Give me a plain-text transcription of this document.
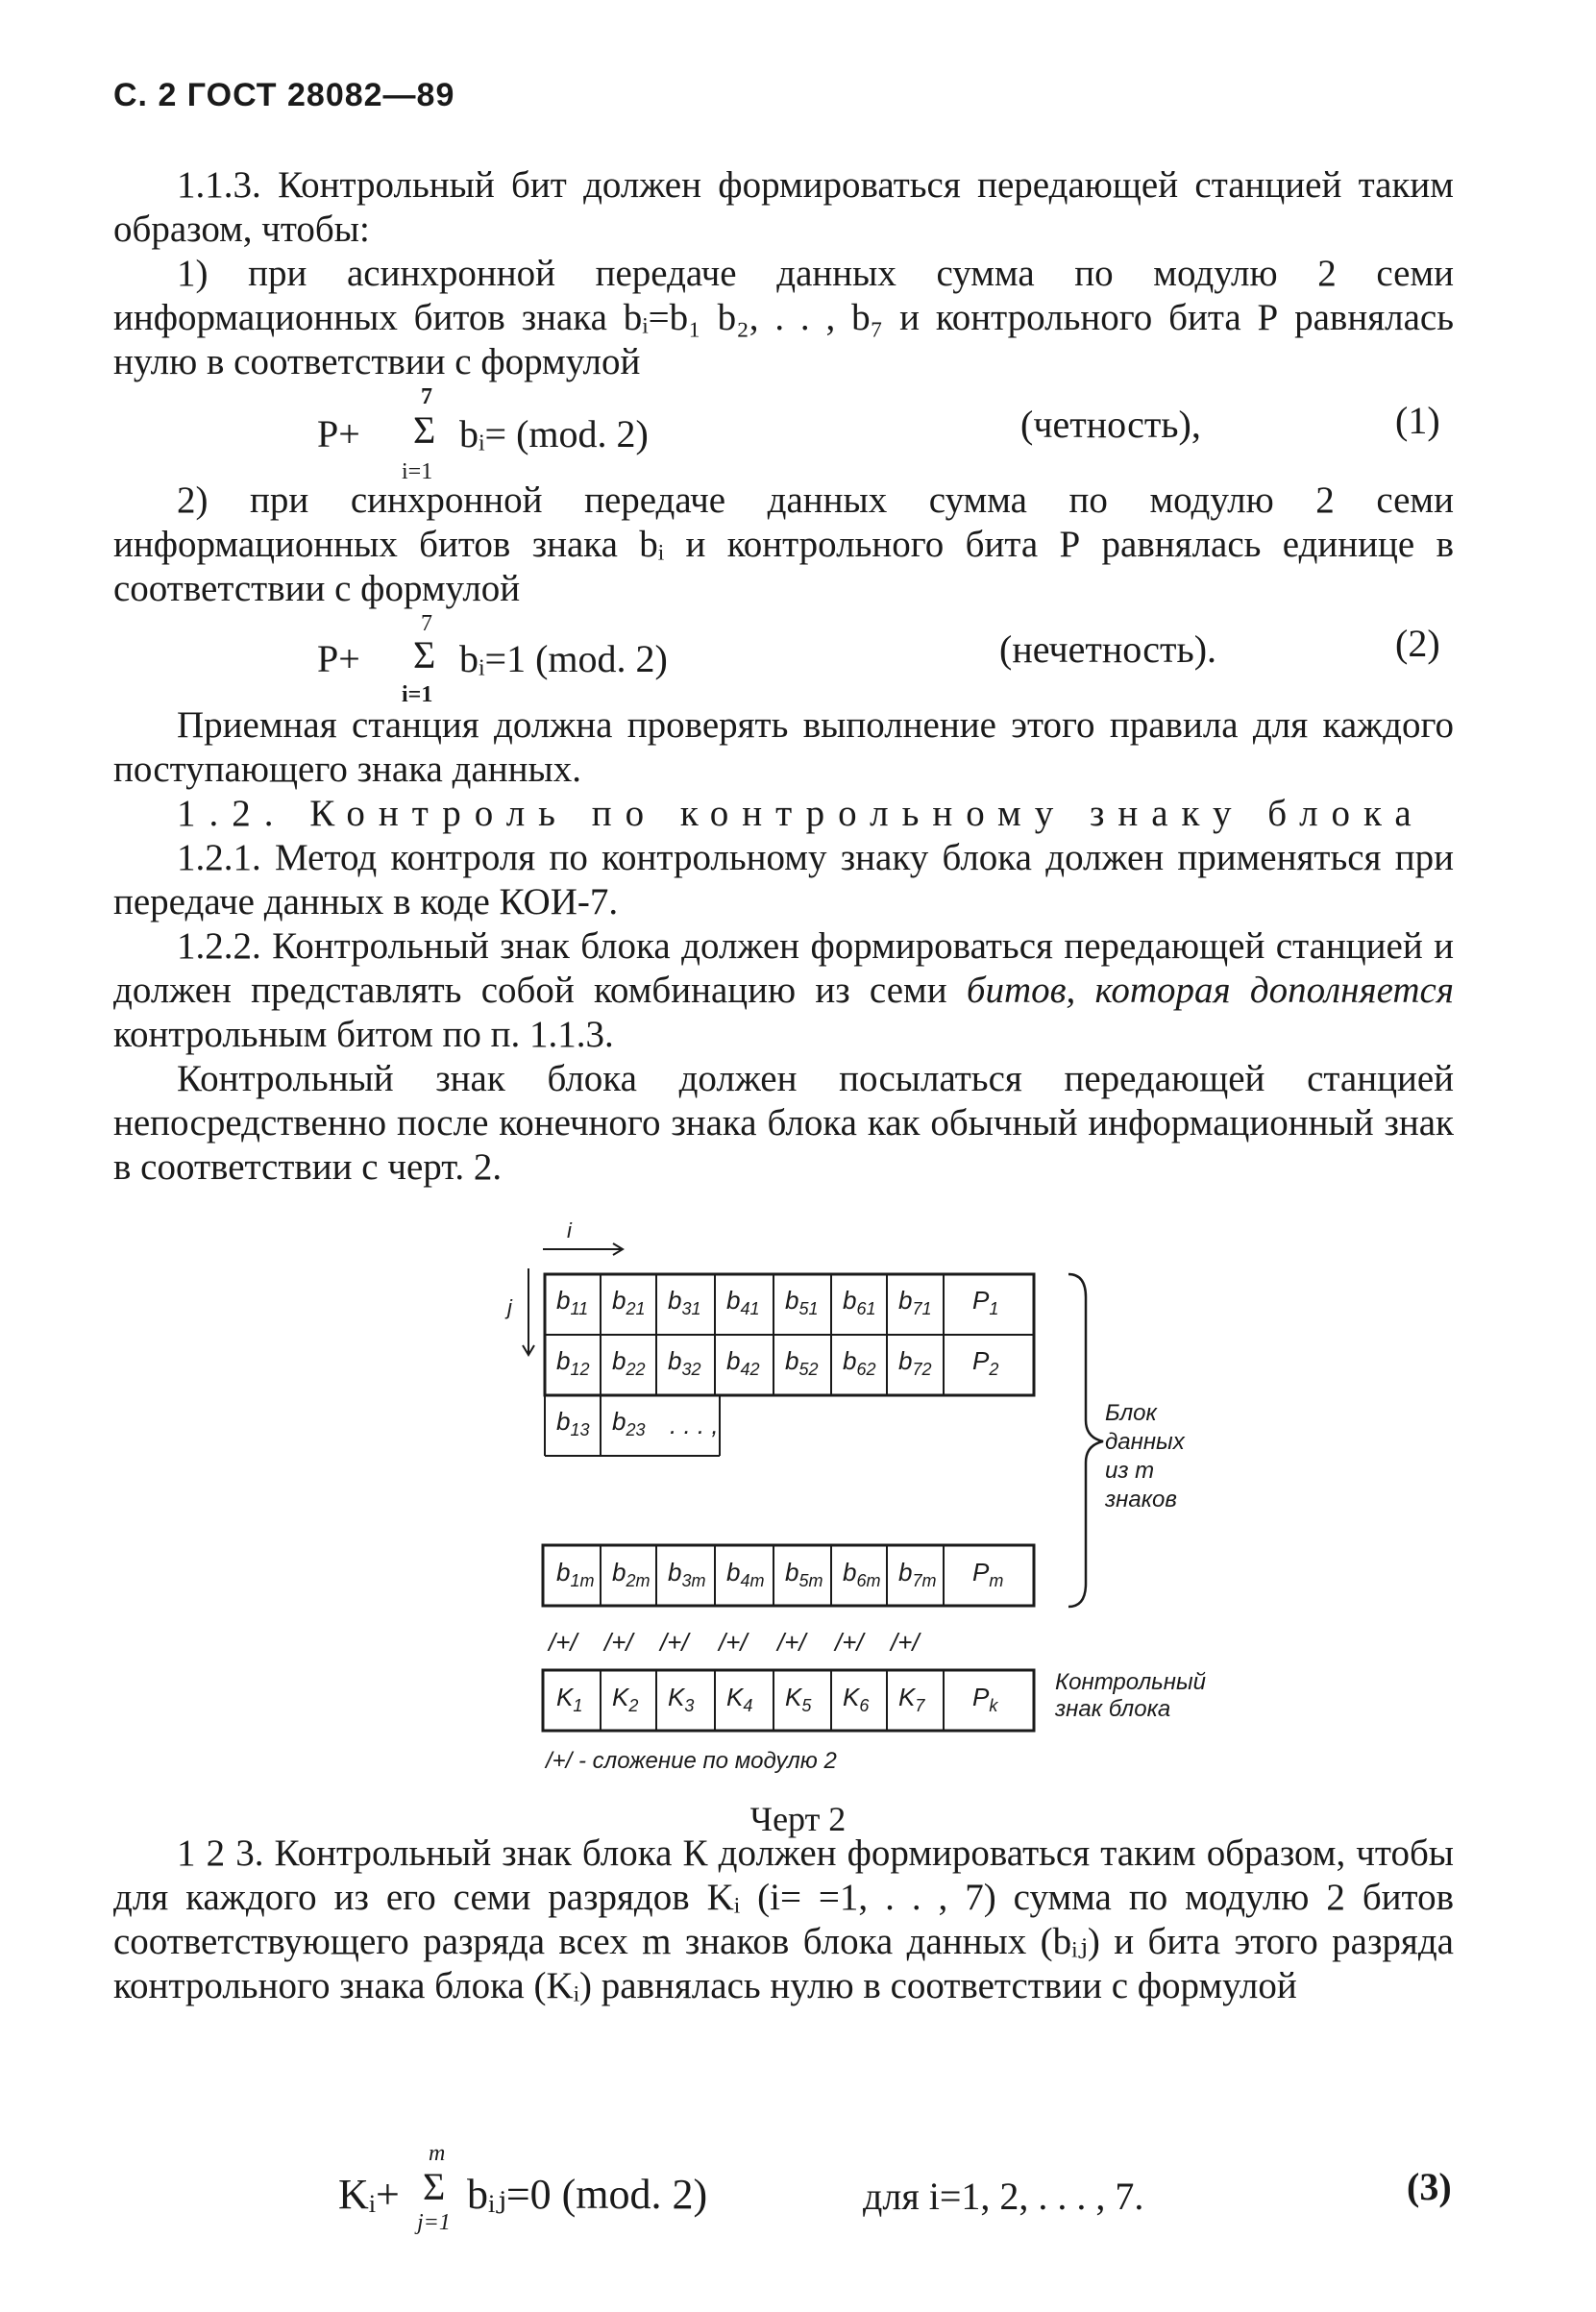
С. 2 ГОСТ 28082—89

1.1.3. Контрольный бит должен формироваться передающей станцией таким образом, чтобы:

1) при асинхронной передаче данных сумма по модулю 2 семи информационных битов знака bᵢ=b₁ b₂, . . , b₇ и контрольного бита Р равнялась нулю в соответствии с формулой

P+
7
Σ
i=1
bᵢ= (mod. 2)	(четность),	(1)

2) при синхронной передаче данных сумма по модулю 2 семи информационных битов знака bᵢ и контрольного бита Р равнялась единице в соответствии с формулой

P+
7
Σ
i=1
bᵢ=1 (mod. 2)	(нечетность).	(2)

Приемная станция должна проверять выполнение этого правила для каждого поступающего знака данных.

1.2. Контроль по контрольному знаку блока

1.2.1. Метод контроля по контрольному знаку блока должен применяться при передаче данных в коде КОИ-7.

1.2.2. Контрольный знак блока должен формироваться передающей станцией и должен представлять собой комбинацию из семи битов, которая дополняется контрольным битом по п. 1.1.3.

Контрольный знак блока должен посылаться передающей станцией непосредственно после конечного знака блока как обычный информационный знак в соответствии с черт. 2.

$b_{11}$ $b_{21}$ $b_{31}$ $b_{41}$ $b_{51}$ $b_{61}$ $b_{71}$ $P_1$
$b_{12}$ $b_{22}$ $b_{32}$ $b_{42}$ $b_{52}$ $b_{62}$ $b_{72}$ $P_2$
$b_{13}$ $b_{23}$ . . . ,
$b_{1m}$ $b_{2m}$ $b_{3m}$ $b_{4m}$ $b_{5m}$ $b_{6m}$ $b_{7m}$ $P_m$
$K_1$ $K_2$ $K_3$ $K_4$ $K_5$ $K_6$ $K_7$ $P_k$
/+/ /+/ /+/ /+/ /+/ /+/ /+/
i
j
Блок
данных
из m
знаков
Контрольный
знак блока
/+/ - сложение по модулю 2
Черт 2

1 2 3. Контрольный знак блока К должен формироваться таким образом, чтобы для каждого из его семи разрядов Kᵢ (i= =1, . . , 7) сумма по модулю 2 битов соответствующего разряда всех m знаков блока данных (bᵢⱼ) и бита этого разряда контрольного знака блока (Kᵢ) равнялась нулю в соответствии с формулой

Kᵢ+
m
Σ
j=1
bᵢⱼ=0 (mod. 2)	для i=1, 2, . . . , 7.	(3)
